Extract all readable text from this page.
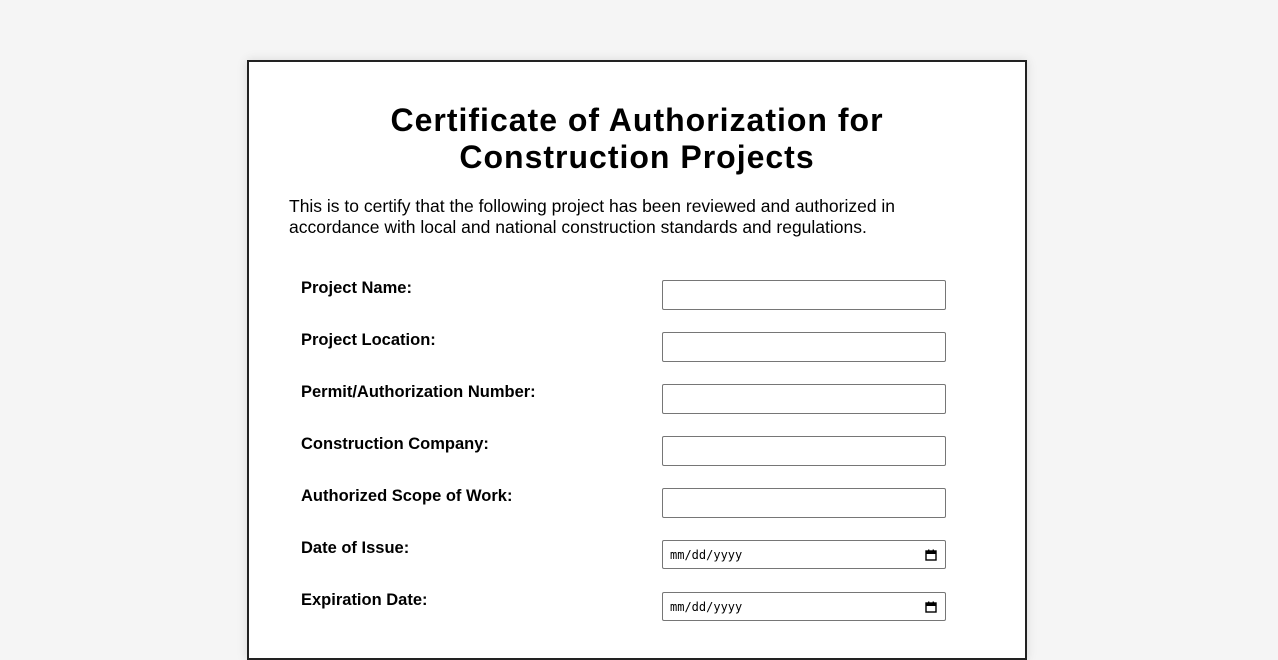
Certificate of Authorization for
Construction Projects

This is to certify that the following project has been reviewed and authorized in accordance with local and national construction standards and regulations.

Project Name:
Project Location:
Permit/Authorization Number:
Construction Company:
Authorized Scope of Work:
Date of Issue:	mm/dd/yyyy
Expiration Date:	mm/dd/yyyy
